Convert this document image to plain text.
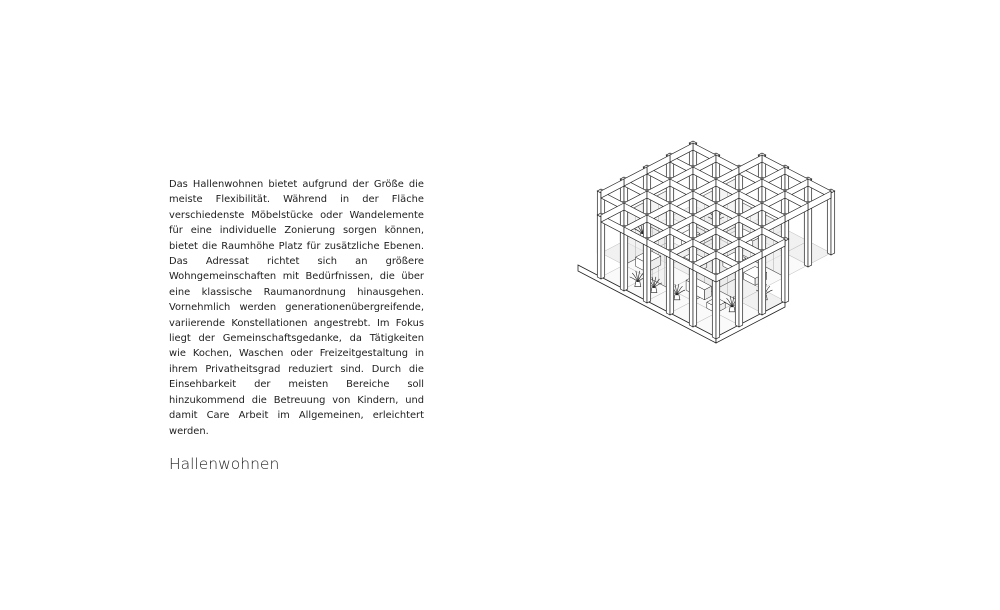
Das Hallenwohnen bietet aufgrund der Größe die meiste Flexibilität. Während in der Fläche verschiedenste Möbelstücke oder Wandelemente für eine individuelle Zonierung sorgen können, bietet die Raumhöhe Platz für zusätzliche Ebenen. Das Adressat richtet sich an größere Wohngemeinschaften mit Bedürfnissen, die über eine klassische Raumanordnung hinausgehen. Vornehmlich werden generationenübergreifende, variierende Konstellationen angestrebt. Im Fokus liegt der Gemeinschaftsgedanke, da Tätigkeiten wie Kochen, Waschen oder Freizeitgestaltung in ihrem Privatheitsgrad reduziert sind. Durch die Einsehbarkeit der meisten Bereiche soll hinzukommend die Betreuung von Kindern, und damit Care Arbeit im Allgemeinen, erleichtert werden.

Hallenwohnen
